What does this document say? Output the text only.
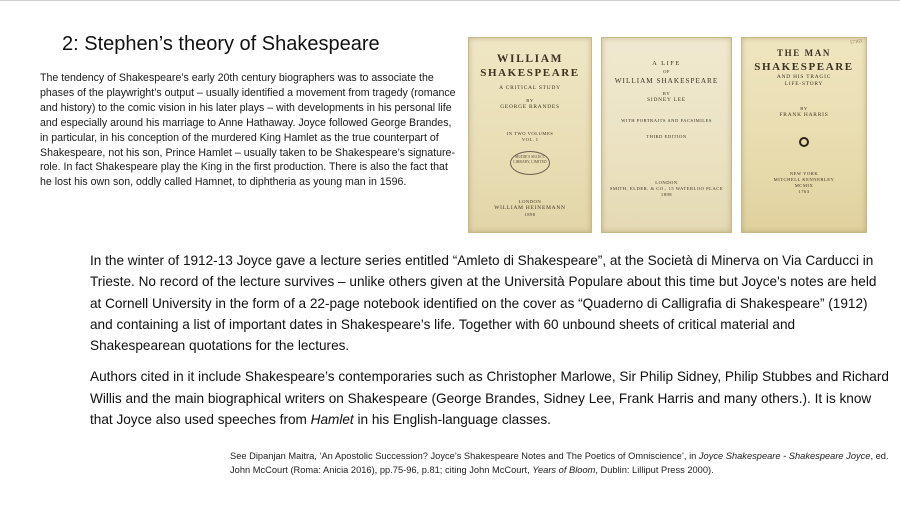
2: Stephen’s theory of Shakespeare
The tendency of Shakespeare’s early 20th century biographers was to associate the phases of the playwright’s output – usually identified a movement from tragedy (romance and history) to the comic vision in his later plays – with developments in his personal life and especially around his marriage to Anne Hathaway. Joyce followed George Brandes, in particular, in his conception of the murdered King Hamlet as the true counterpart of Shakespeare, not his son, Prince Hamlet – usually taken to be Shakespeare’s signature-role. In fact Shakespeare play the King in the first production. There is also the fact that he lost his own son, oddly called Hamnet, to diphtheria as young man in 1596.
WILLIAM
SHAKESPEARE
A CRITICAL STUDY
BY
GEORGE BRANDES
IN TWO VOLUMES
VOL. I
MUDIE'S SELECT LIBRARY, LIMITED
LONDON
WILLIAM HEINEMANN
1898
A LIFE
OF
WILLIAM SHAKESPEARE
BY
SIDNEY LEE
WITH PORTRAITS AND FACSIMILES
THIRD EDITION
LONDON
SMITH, ELDER, & CO., 15 WATERLOO PLACE
1898
57165
THE MAN
SHAKESPEARE
AND HIS TRAGIC
LIFE-STORY
BY
FRANK HARRIS
NEW YORK
MITCHELL KENNERLEY
MCMIX
1763

In the winter of 1912-13 Joyce gave a lecture series entitled “Amleto di Shakespeare”, at the Società di Minerva on Via Carducci in Trieste. No record of the lecture survives – unlike others given at the Università Populare about this time but Joyce's notes are held at Cornell University in the form of a 22-page notebook identified on the cover as “Quaderno di Calligrafia di Shakespeare” (1912) and containing a list of important dates in Shakespeare's life. Together with 60 unbound sheets of critical material and Shakespearean quotations for the lectures.

Authors cited in it include Shakespeare’s contemporaries such as Christopher Marlowe, Sir Philip Sidney, Philip Stubbes and Richard Willis and the main biographical writers on Shakespeare (George Brandes, Sidney Lee, Frank Harris and many others.). It is know that Joyce also used speeches from Hamlet in his English-language classes.

See Dipanjan Maitra, ‘An Apostolic Succession? Joyce’s Shakespeare Notes and The Poetics of Omniscience’, in Joyce Shakespeare - Shakespeare Joyce, ed. John McCourt (Roma: Anicia 2016), pp.75-96, p.81; citing John McCourt, Years of Bloom, Dublin: Lilliput Press 2000).
